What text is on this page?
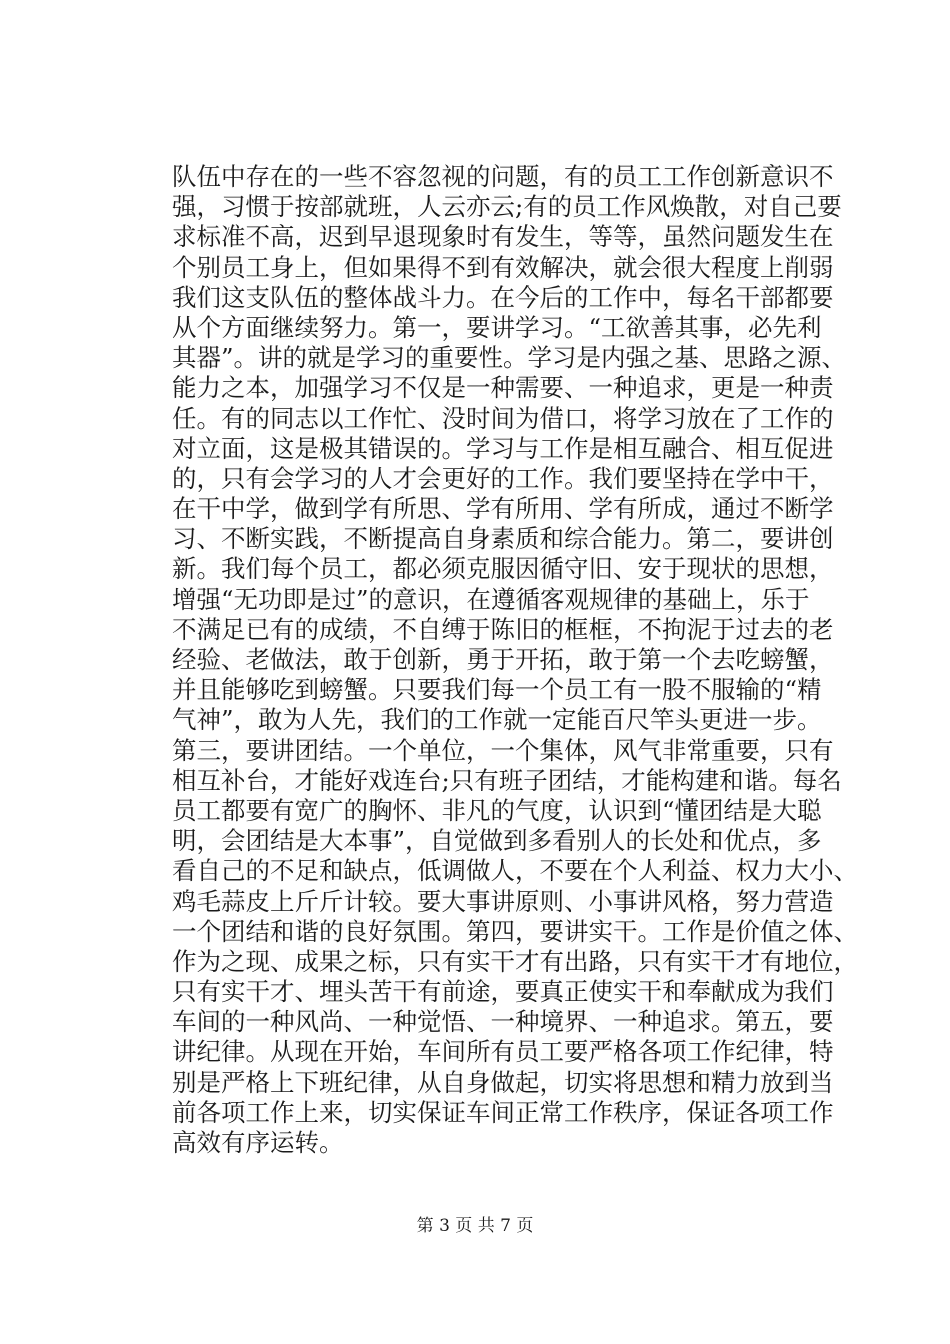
队伍中存在的一些不容忽视的问题，有的员工工作创新意识不
强，习惯于按部就班，人云亦云;有的员工作风焕散，对自己要
求标准不高，迟到早退现象时有发生，等等，虽然问题发生在
个别员工身上，但如果得不到有效解决，就会很大程度上削弱
我们这支队伍的整体战斗力。在今后的工作中，每名干部都要
从个方面继续努力。第一，要讲学习。“工欲善其事，必先利
其器”。讲的就是学习的重要性。学习是内强之基、思路之源、
能力之本，加强学习不仅是一种需要、一种追求，更是一种责
任。有的同志以工作忙、没时间为借口，将学习放在了工作的
对立面，这是极其错误的。学习与工作是相互融合、相互促进
的，只有会学习的人才会更好的工作。我们要坚持在学中干，
在干中学，做到学有所思、学有所用、学有所成，通过不断学
习、不断实践，不断提高自身素质和综合能力。第二，要讲创
新。我们每个员工，都必须克服因循守旧、安于现状的思想，
增强“无功即是过”的意识，在遵循客观规律的基础上，乐于
不满足已有的成绩，不自缚于陈旧的框框，不拘泥于过去的老
经验、老做法，敢于创新，勇于开拓，敢于第一个去吃螃蟹，
并且能够吃到螃蟹。只要我们每一个员工有一股不服输的“精
气神”，敢为人先，我们的工作就一定能百尺竿头更进一步。
第三，要讲团结。一个单位，一个集体，风气非常重要，只有
相互补台，才能好戏连台;只有班子团结，才能构建和谐。每名
员工都要有宽广的胸怀、非凡的气度，认识到“懂团结是大聪
明，会团结是大本事”，自觉做到多看别人的长处和优点，多
看自己的不足和缺点，低调做人，不要在个人利益、权力大小、
鸡毛蒜皮上斤斤计较。要大事讲原则、小事讲风格，努力营造
一个团结和谐的良好氛围。第四，要讲实干。工作是价值之体、
作为之现、成果之标，只有实干才有出路，只有实干才有地位，
只有实干才、埋头苦干有前途，要真正使实干和奉献成为我们
车间的一种风尚、一种觉悟、一种境界、一种追求。第五，要
讲纪律。从现在开始，车间所有员工要严格各项工作纪律，特
别是严格上下班纪律，从自身做起，切实将思想和精力放到当
前各项工作上来，切实保证车间正常工作秩序，保证各项工作
高效有序运转。
第 3 页 共 7 页
